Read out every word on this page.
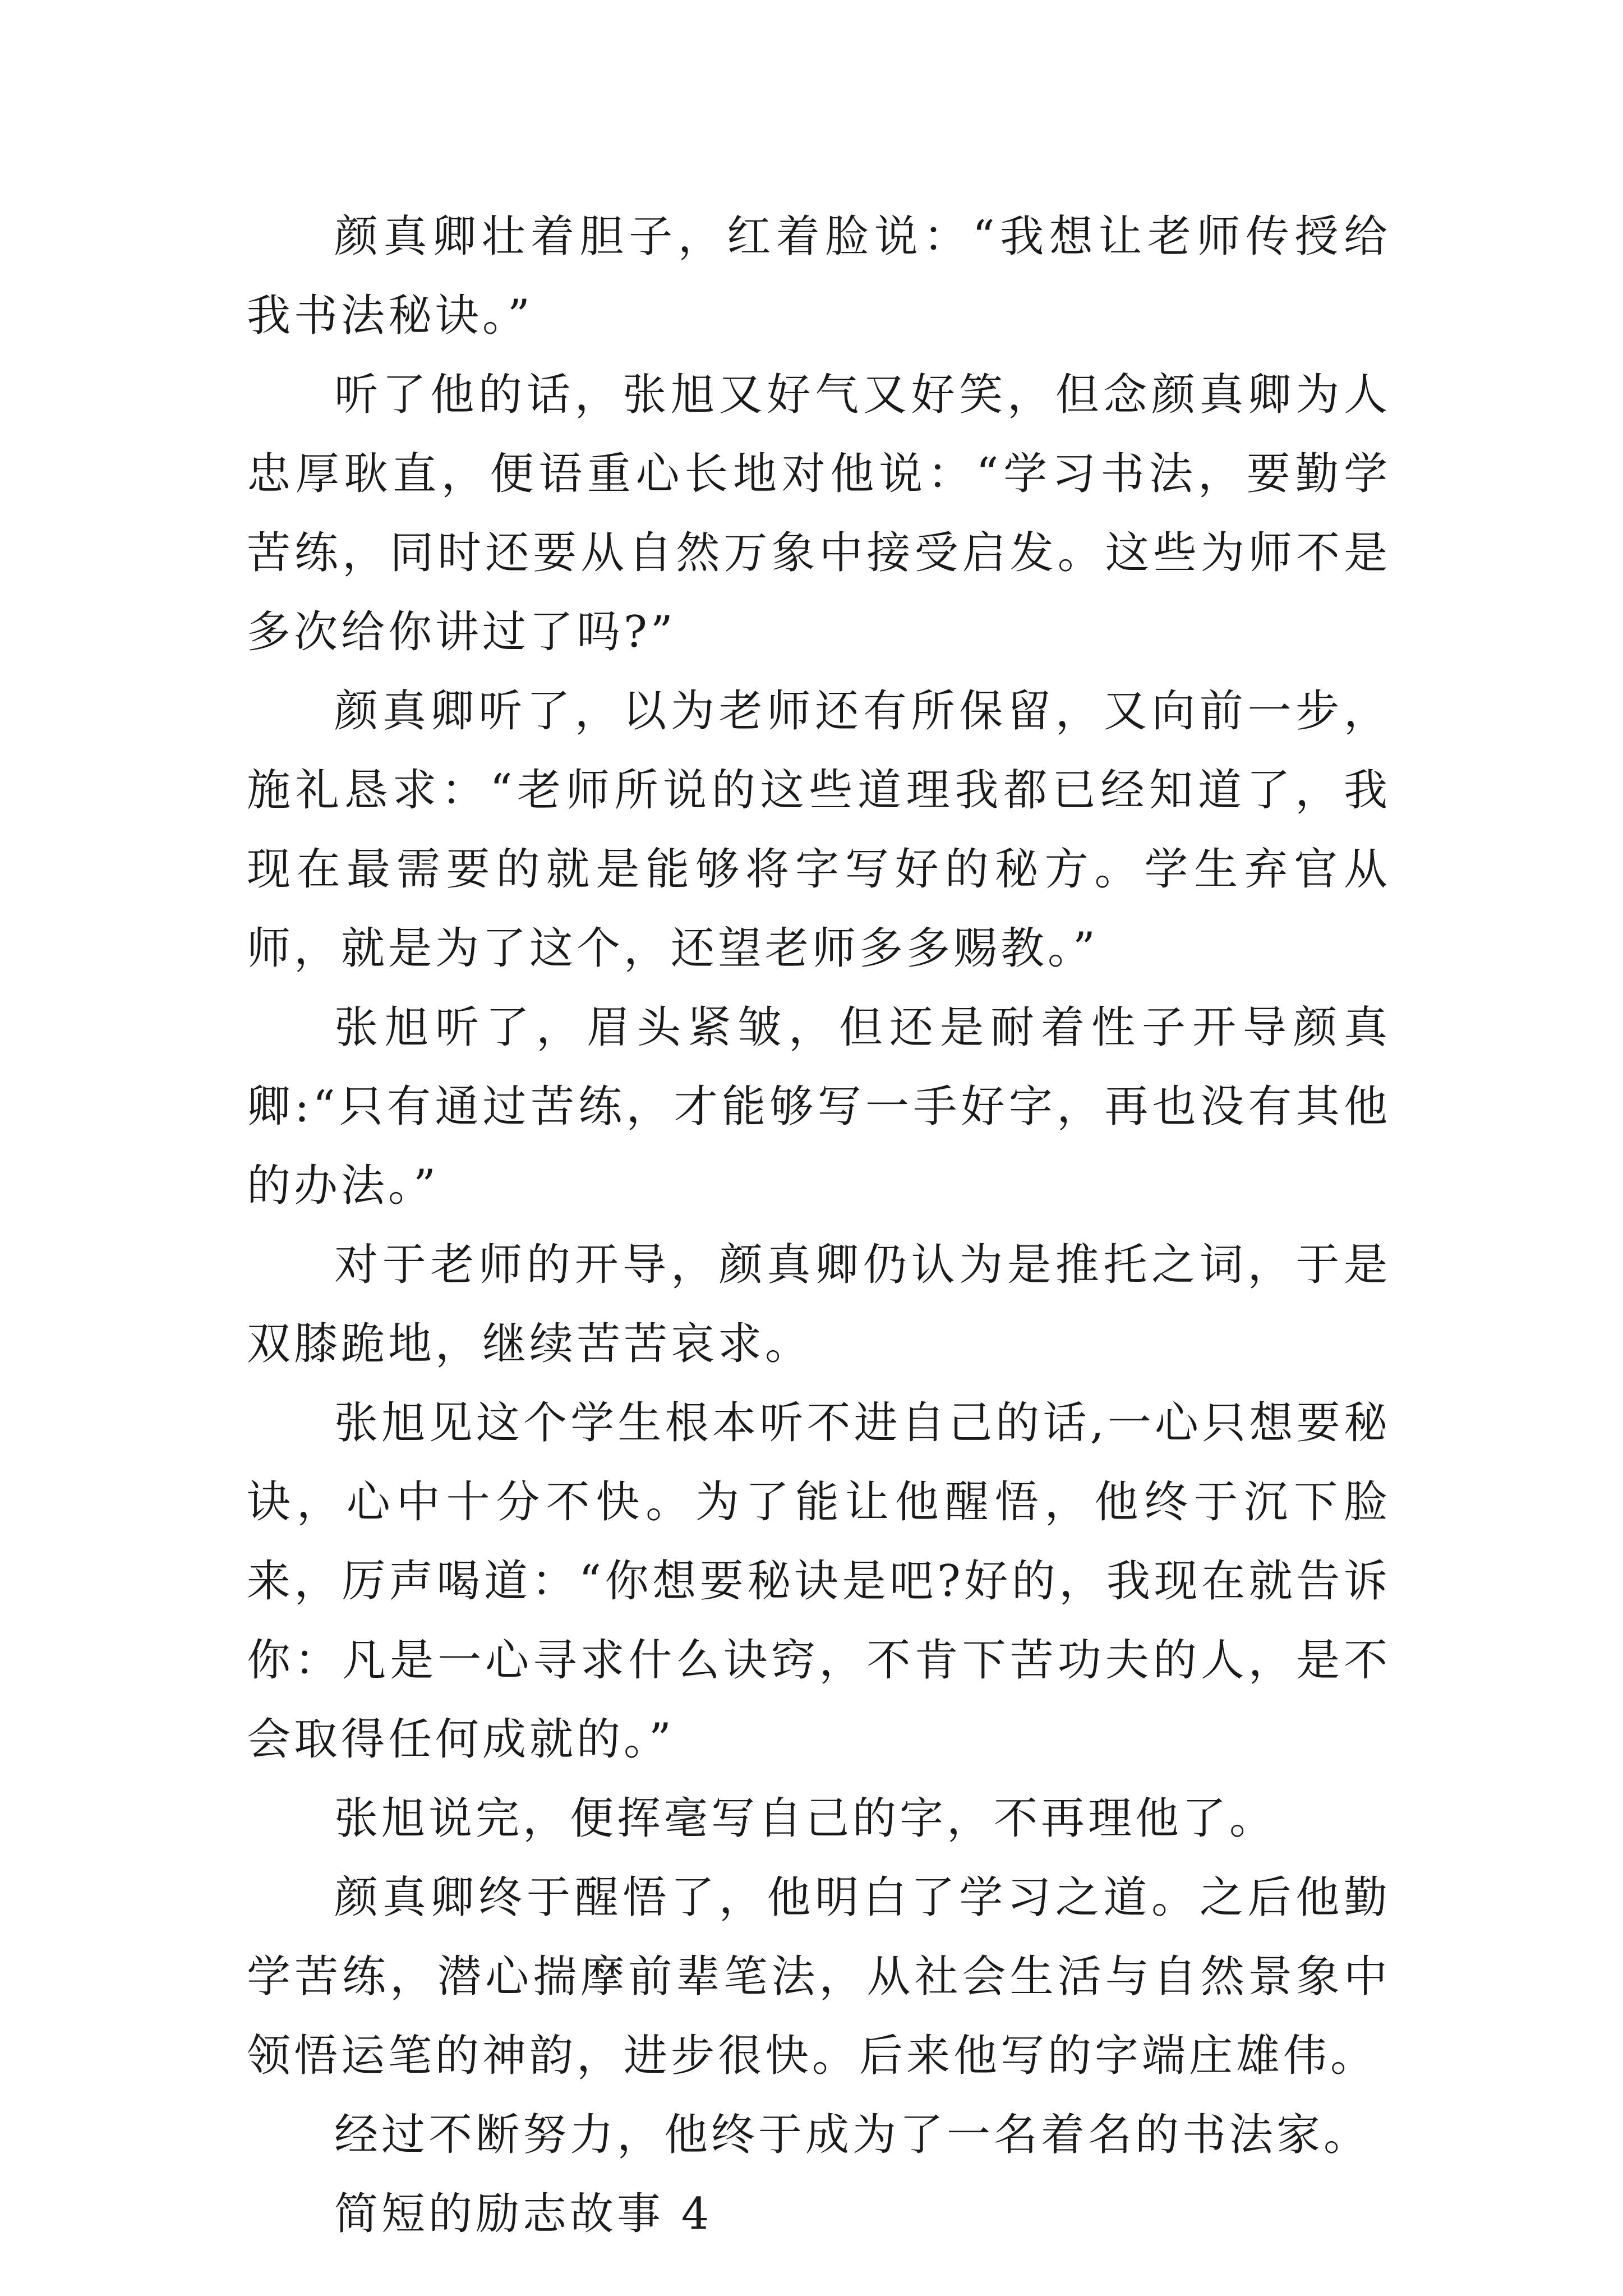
颜真卿壮着胆子，红着脸说：“我想让老师传授给我书法秘诀。”

听了他的话，张旭又好气又好笑，但念颜真卿为人忠厚耿直，便语重心长地对他说：“学习书法，要勤学苦练，同时还要从自然万象中接受启发。这些为师不是多次给你讲过了吗?”

颜真卿听了，以为老师还有所保留，又向前一步，施礼恳求：“老师所说的这些道理我都已经知道了，我现在最需要的就是能够将字写好的秘方。学生弃官从师，就是为了这个，还望老师多多赐教。”

张旭听了，眉头紧皱，但还是耐着性子开导颜真卿:“只有通过苦练，才能够写一手好字，再也没有其他的办法。”

对于老师的开导，颜真卿仍认为是推托之词，于是双膝跪地，继续苦苦哀求。

张旭见这个学生根本听不进自己的话,一心只想要秘诀，心中十分不快。为了能让他醒悟，他终于沉下脸来，厉声喝道：“你想要秘诀是吧?好的，我现在就告诉你：凡是一心寻求什么诀窍，不肯下苦功夫的人，是不会取得任何成就的。”

张旭说完，便挥毫写自己的字，不再理他了。

颜真卿终于醒悟了，他明白了学习之道。之后他勤学苦练，潜心揣摩前辈笔法，从社会生活与自然景象中领悟运笔的神韵，进步很快。后来他写的字端庄雄伟。

经过不断努力，他终于成为了一名着名的书法家。

简短的励志故事 4
